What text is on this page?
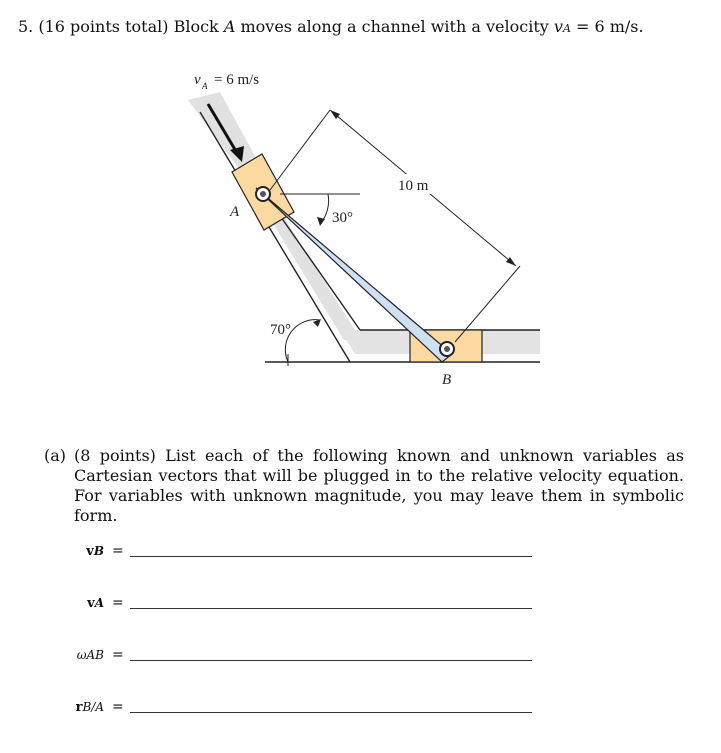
5. (16 points total) Block A moves along a channel with a velocity vA = 6 m/s.
10 m
30°
70°
v A = 6 m/s
A
B
(a) (8 points) List each of the following known and unknown variables as Cartesian vectors that will be plugged in to the relative velocity equation. For variables with unknown magnitude, you may leave them in symbolic form.
vB =
vA =
ωAB =
rB/A =
